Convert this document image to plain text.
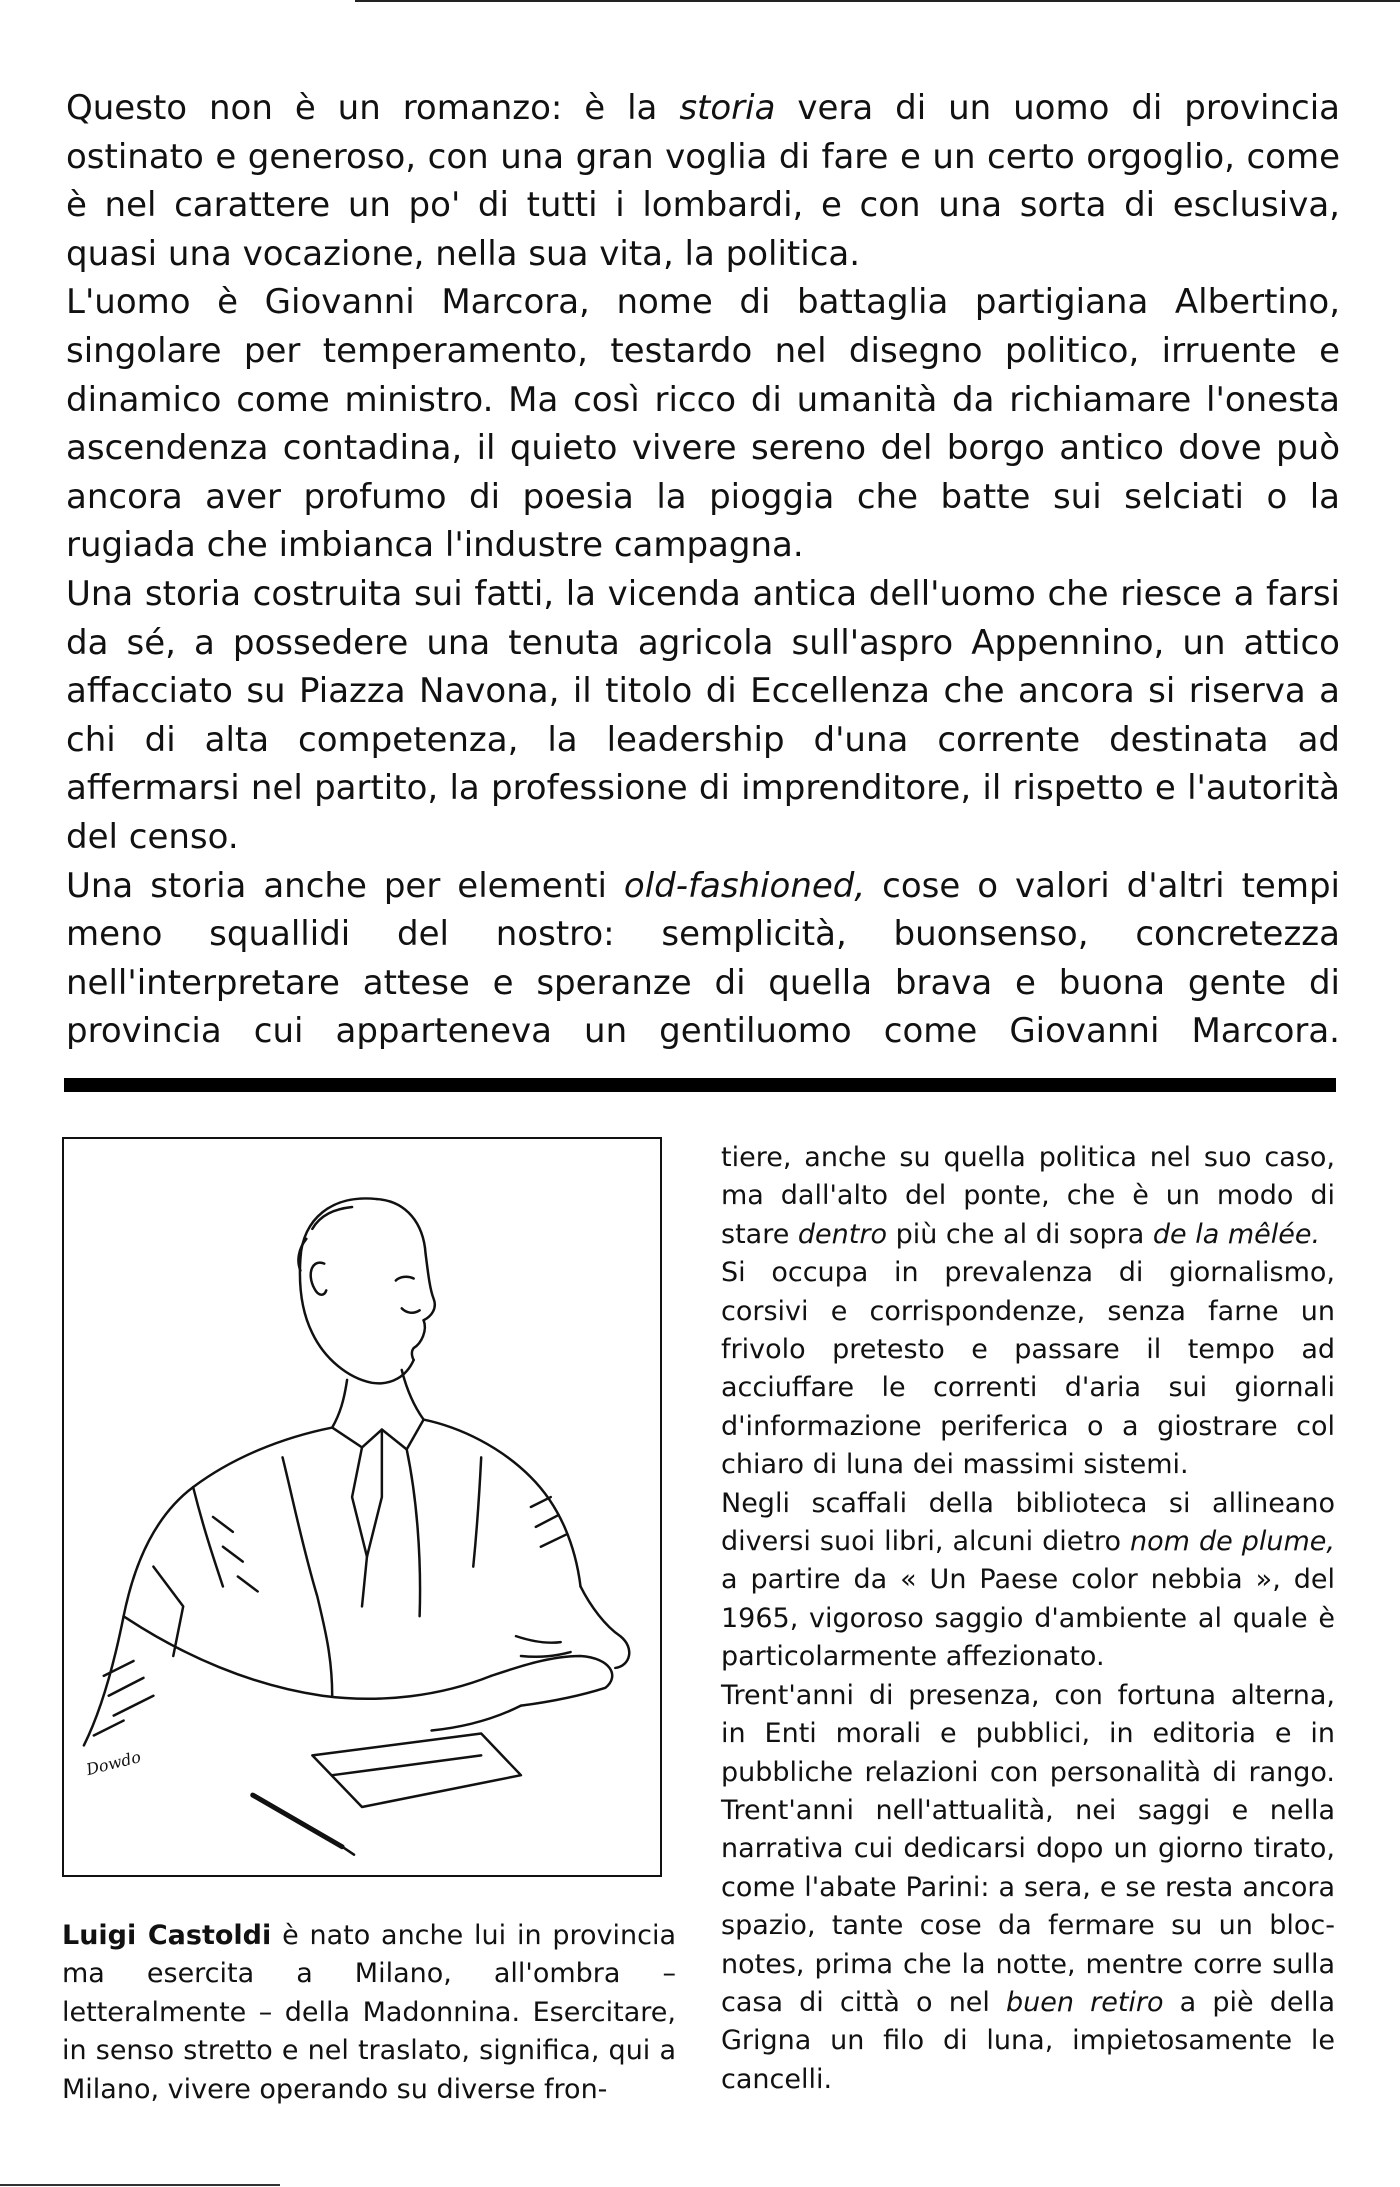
Questo non è un romanzo: è la storia vera di un uomo di provincia ostinato e generoso, con una gran voglia di fare e un certo orgoglio, come è nel carattere un po' di tutti i lombardi, e con una sorta di esclusiva, quasi una vocazione, nella sua vita, la politica.

L'uomo è Giovanni Marcora, nome di battaglia partigiana Albertino, singolare per temperamento, testardo nel disegno politico, irruente e dinamico come ministro. Ma così ricco di umanità da richiamare l'onesta ascendenza contadina, il quieto vivere sereno del borgo antico dove può ancora aver profumo di poesia la pioggia che batte sui selciati o la rugiada che imbianca l'industre campagna.

Una storia costruita sui fatti, la vicenda antica dell'uomo che riesce a farsi da sé, a possedere una tenuta agricola sull'aspro Appennino, un attico affacciato su Piazza Navona, il titolo di Eccellenza che ancora si riserva a chi di alta competenza, la leadership d'una corrente destinata ad affermarsi nel partito, la professione di imprenditore, il rispetto e l'autorità del censo.

Una storia anche per elementi old-fashioned, cose o valori d'altri tempi meno squallidi del nostro: semplicità, buonsenso, concretezza nell'interpretare attese e speranze di quella brava e buona gente di provincia cui apparteneva un gentiluomo come Giovanni Marcora.

Dowdo

Luigi Castoldi è nato anche lui in provincia ma esercita a Milano, all'ombra – letteralmente – della Madonnina. Esercitare, in senso stretto e nel traslato, significa, qui a Milano, vivere operando su diverse fron-

tiere, anche su quella politica nel suo caso, ma dall'alto del ponte, che è un modo di stare dentro più che al di sopra de la mêlée.

Si occupa in prevalenza di giornalismo, corsivi e corrispondenze, senza farne un frivolo pretesto e passare il tempo ad acciuffare le correnti d'aria sui giornali d'informazione periferica o a giostrare col chiaro di luna dei massimi sistemi.

Negli scaffali della biblioteca si allineano diversi suoi libri, alcuni dietro nom de plume, a partire da « Un Paese color nebbia », del 1965, vigoroso saggio d'ambiente al quale è particolarmente affezionato.

Trent'anni di presenza, con fortuna alterna, in Enti morali e pubblici, in editoria e in pubbliche relazioni con personalità di rango. Trent'anni nell'attualità, nei saggi e nella narrativa cui dedicarsi dopo un giorno tirato, come l'abate Parini: a sera, e se resta ancora spazio, tante cose da fermare su un bloc-notes, prima che la notte, mentre corre sulla casa di città o nel buen retiro a piè della Grigna un filo di luna, impietosamente le cancelli.
